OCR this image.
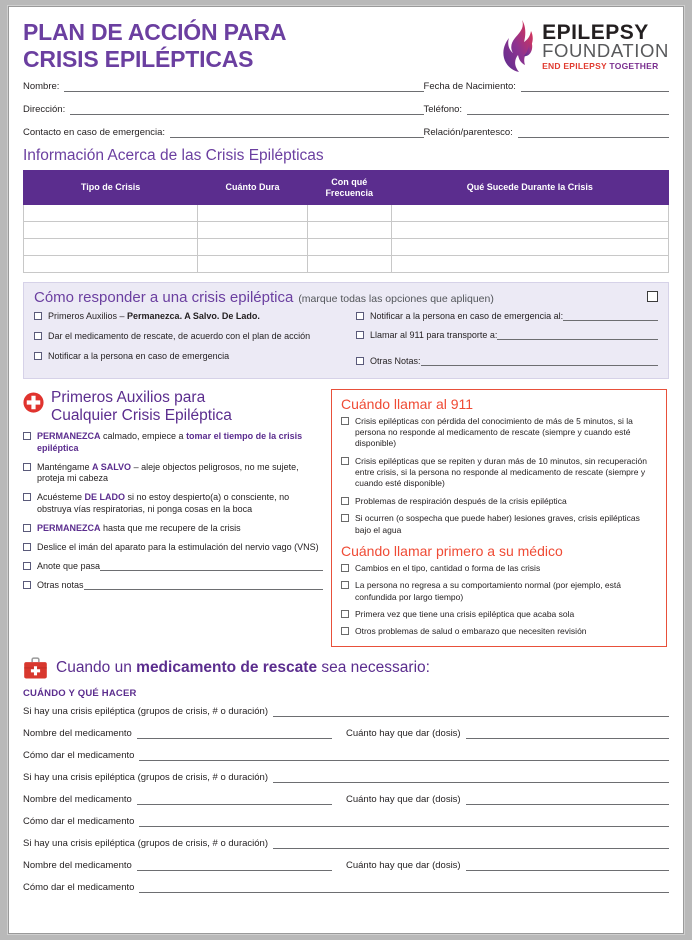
PLAN DE ACCIÓN PARA
CRISIS EPILÉPTICAS
EPILEPSY
FOUNDATION
END EPILEPSY TOGETHER
Nombre:	Fecha de Nacimiento:
Dirección:	Teléfono:
Contacto en caso de emergencia:	Relación/parentesco:
Información Acerca de las Crisis Epilépticas
Tipo de Crisis	Cuánto Dura	Con qué Frecuencia	Qué Sucede Durante la Crisis

Cómo responder a una crisis epiléptica (marque todas las opciones que apliquen)
Primeros Auxilios – Permanezca. A Salvo. De Lado.
Dar el medicamento de rescate, de acuerdo con el plan de acción
Notificar a la persona en caso de emergencia
Notificar a la persona en caso de emergencia al:
Llamar al 911 para transporte a:
Otras Notas:
Primeros Auxilios para
Cualquier Crisis Epiléptica
PERMANEZCA calmado, empiece a tomar el tiempo de la crisis epiléptica
Manténgame A SALVO – aleje objectos peligrosos, no me sujete, proteja mi cabeza
Acuésteme DE LADO si no estoy despierto(a) o consciente, no obstruya vías respiratorias, ni ponga cosas en la boca
PERMANEZCA hasta que me recupere de la crisis
Deslice el imán del aparato para la estimulación del nervio vago (VNS)
Anote que pasa
Otras notas
Cuándo llamar al 911
Crisis epilépticas con pérdida del conocimiento de más de 5 minutos, si la persona no responde al medicamento de rescate (siempre y cuando esté disponible)
Crisis epilépticas que se repiten y duran más de 10 minutos, sin recuperación entre crisis, si la persona no responde al medicamento de rescate (siempre y cuando esté disponible)
Problemas de respiración después de la crisis epiléptica
Si ocurren (o sospecha que puede haber) lesiones graves, crisis epilépticas bajo el agua
Cuándo llamar primero a su médico
Cambios en el tipo, cantidad o forma de las crisis
La persona no regresa a su comportamiento normal (por ejemplo, está confundida por largo tiempo)
Primera vez que tiene una crisis epiléptica que acaba sola
Otros problemas de salud o embarazo que necesiten revisión
Cuando un medicamento de rescate sea necessario:
CUÁNDO Y QUÉ HACER
Si hay una crisis epiléptica (grupos de crisis, # o duración)
Nombre del medicamento	Cuánto hay que dar (dosis)
Cómo dar el medicamento
Si hay una crisis epiléptica (grupos de crisis, # o duración)
Nombre del medicamento	Cuánto hay que dar (dosis)
Cómo dar el medicamento
Si hay una crisis epiléptica (grupos de crisis, # o duración)
Nombre del medicamento	Cuánto hay que dar (dosis)
Cómo dar el medicamento
